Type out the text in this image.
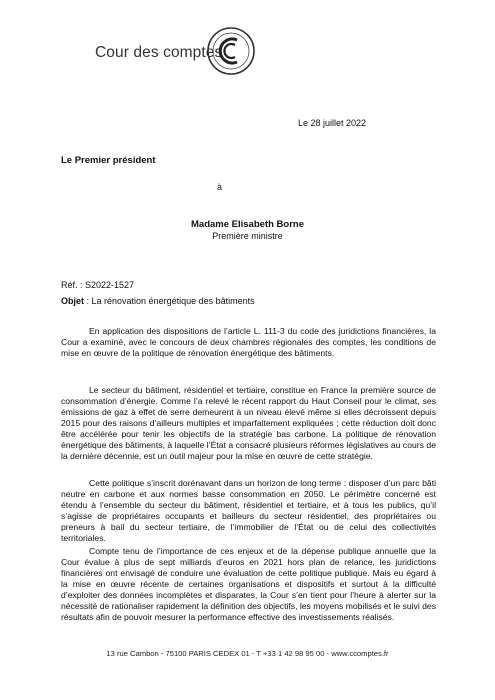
Cour des comptes
Le 28 juillet 2022
Le Premier président
à
Madame Elisabeth Borne
Première ministre
Réf. : S2022-1527
Objet : La rénovation énergétique des bâtiments

En application des dispositions de l’article L. 111-3 du code des juridictions financières, la Cour a examiné, avec le concours de deux chambres régionales des comptes, les conditions de mise en œuvre de la politique de rénovation énergétique des bâtiments.

Le secteur du bâtiment, résidentiel et tertiaire, constitue en France la première source de consommation d’énergie. Comme l’a relevé le récent rapport du Haut Conseil pour le climat, ses émissions de gaz à effet de serre demeurent à un niveau élevé même si elles décroissent depuis 2015 pour des raisons d’ailleurs multiples et imparfaitement expliquées ; cette réduction doit donc être accélérée pour tenir les objectifs de la stratégie bas carbone. La politique de rénovation énergétique des bâtiments, à laquelle l’État a consacré plusieurs réformes législatives au cours de la dernière décennie, est un outil majeur pour la mise en œuvre de cette stratégie.

Cette politique s’inscrit dorénavant dans un horizon de long terme : disposer d’un parc bâti neutre en carbone et aux normes basse consommation en 2050. Le périmètre concerné est étendu à l’ensemble du secteur du bâtiment, résidentiel et tertiaire, et à tous les publics, qu’il s’agisse de propriétaires occupants et bailleurs du secteur résidentiel, des propriétaires ou preneurs à bail du secteur tertiaire, de l’immobilier de l’État ou de celui des collectivités territoriales.

Compte tenu de l’importance de ces enjeux et de la dépense publique annuelle que la Cour évalue à plus de sept milliards d’euros en 2021 hors plan de relance, les juridictions financières ont envisagé de conduire une évaluation de cette politique publique. Mais eu égard à la mise en œuvre récente de certaines organisations et dispositifs et surtout à la difficulté d’exploiter des données incomplètes et disparates, la Cour s’en tient pour l’heure à alerter sur la nécessité de rationaliser rapidement la définition des objectifs, les moyens mobilisés et le suivi des résultats afin de pouvoir mesurer la performance effective des investissements réalisés.

13 rue Cambon - 75100 PARIS CEDEX 01 - T +33 1 42 98 95 00 - www.ccomptes.fr
